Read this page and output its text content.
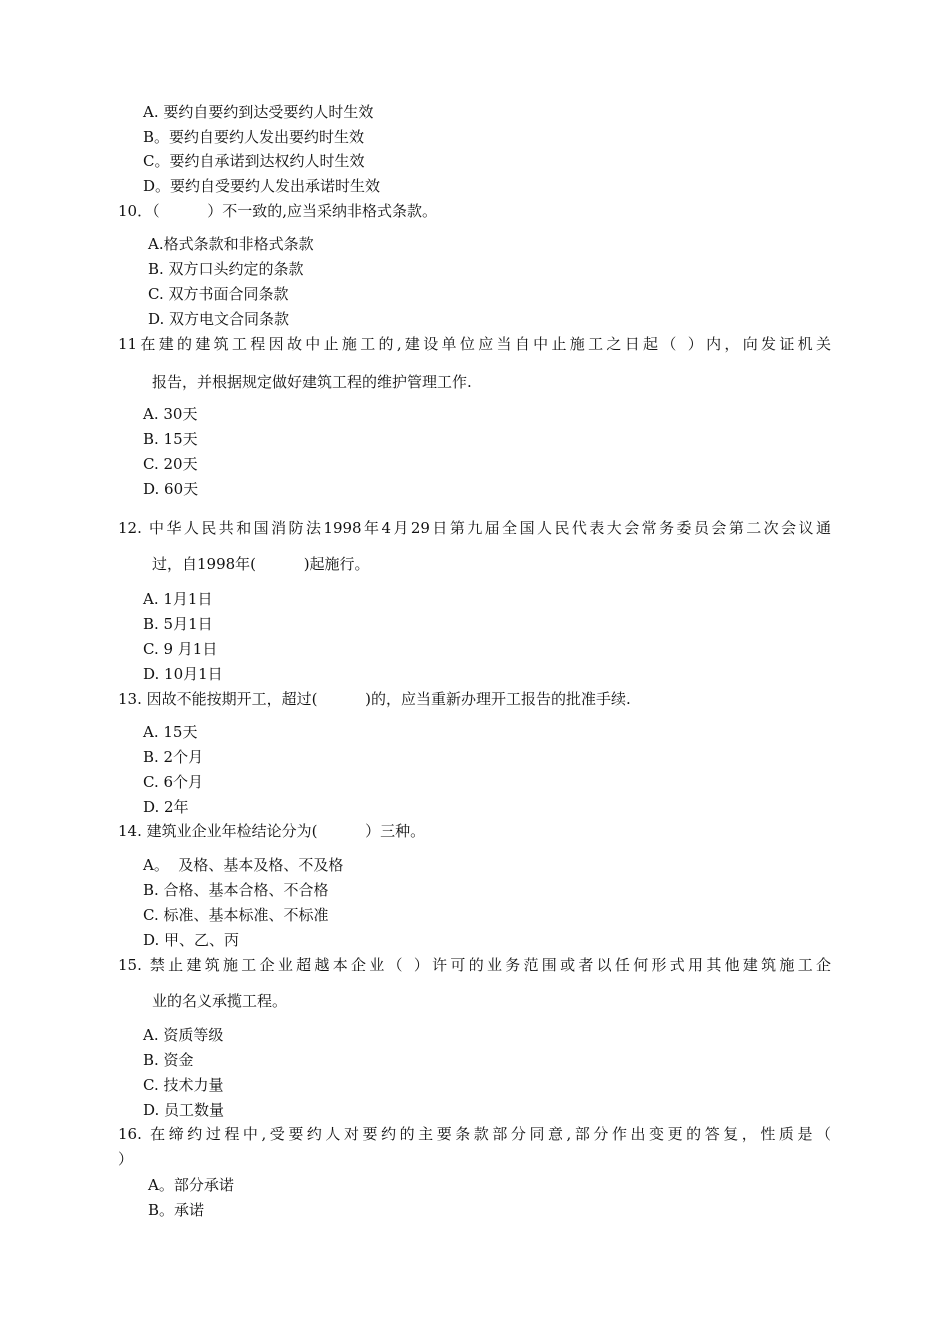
A. 要约自要约到达受要约人时生效
B。要约自要约人发出要约时生效
C。要约自承诺到达权约人时生效
D。要约自受要约人发出承诺时生效
10．（          ）不一致的,应当采纳非格式条款。
A.格式条款和非格式条款
B. 双方口头约定的条款
C. 双方书面合同条款
D. 双方电文合同条款
11在建的建筑工程因故中止施工的,建设单位应当自中止施工之日起（ ）内，向发证机关
报告，并根据规定做好建筑工程的维护管理工作.
A. 30天
B. 15天
C. 20天
D. 60天
12. 中华人民共和国消防法1998年4月29日第九届全国人民代表大会常务委员会第二次会议通
过，自1998年(          )起施行。
A. 1月1日
B. 5月1日
C. 9 月1日
D. 10月1日
13. 因故不能按期开工，超过(          )的，应当重新办理开工报告的批准手续.
A. 15天
B. 2个月
C. 6个月
D. 2年
14. 建筑业企业年检结论分为(          ）三种。
A。  及格、基本及格、不及格
B. 合格、基本合格、不合格
C. 标准、基本标准、不标准
D. 甲、乙、丙
15. 禁止建筑施工企业超越本企业（ ）许可的业务范围或者以任何形式用其他建筑施工企
业的名义承揽工程。
A. 资质等级
B. 资金
C. 技术力量
D. 员工数量
16. 在缔约过程中,受要约人对要约的主要条款部分同意,部分作出变更的答复，性质是（
）
A。部分承诺
B。承诺
